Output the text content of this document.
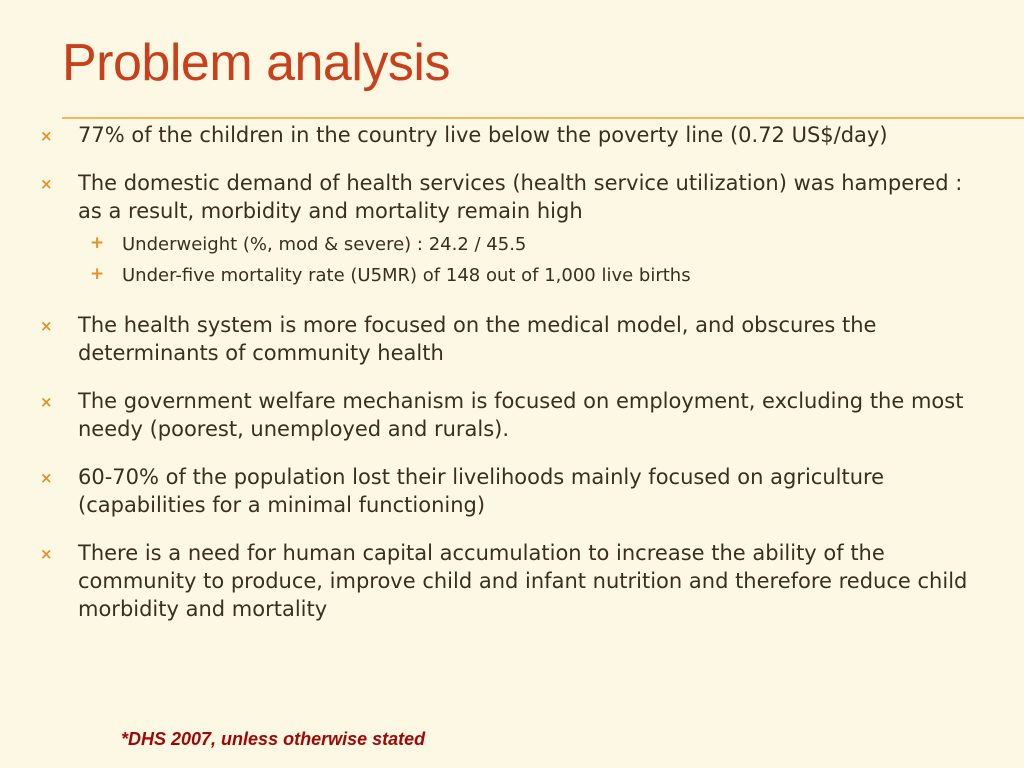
Problem analysis
× 77% of the children in the country live below the poverty line (0.72 US$/day)
× The domestic demand of health services (health service utilization) was hampered : as a result, morbidity and mortality remain high
+ Underweight (%, mod & severe) : 24.2 / 45.5
+ Under-five mortality rate (U5MR) of 148 out of 1,000 live births
× The health system is more focused on the medical model, and obscures the determinants of community health
× The government welfare mechanism is focused on employment, excluding the most needy (poorest, unemployed and rurals).
× 60-70% of the population lost their livelihoods mainly focused on agriculture (capabilities for a minimal functioning)
× There is a need for human capital accumulation to increase the ability of the community to produce, improve child and infant nutrition and therefore reduce child morbidity and mortality

*DHS 2007, unless otherwise stated
